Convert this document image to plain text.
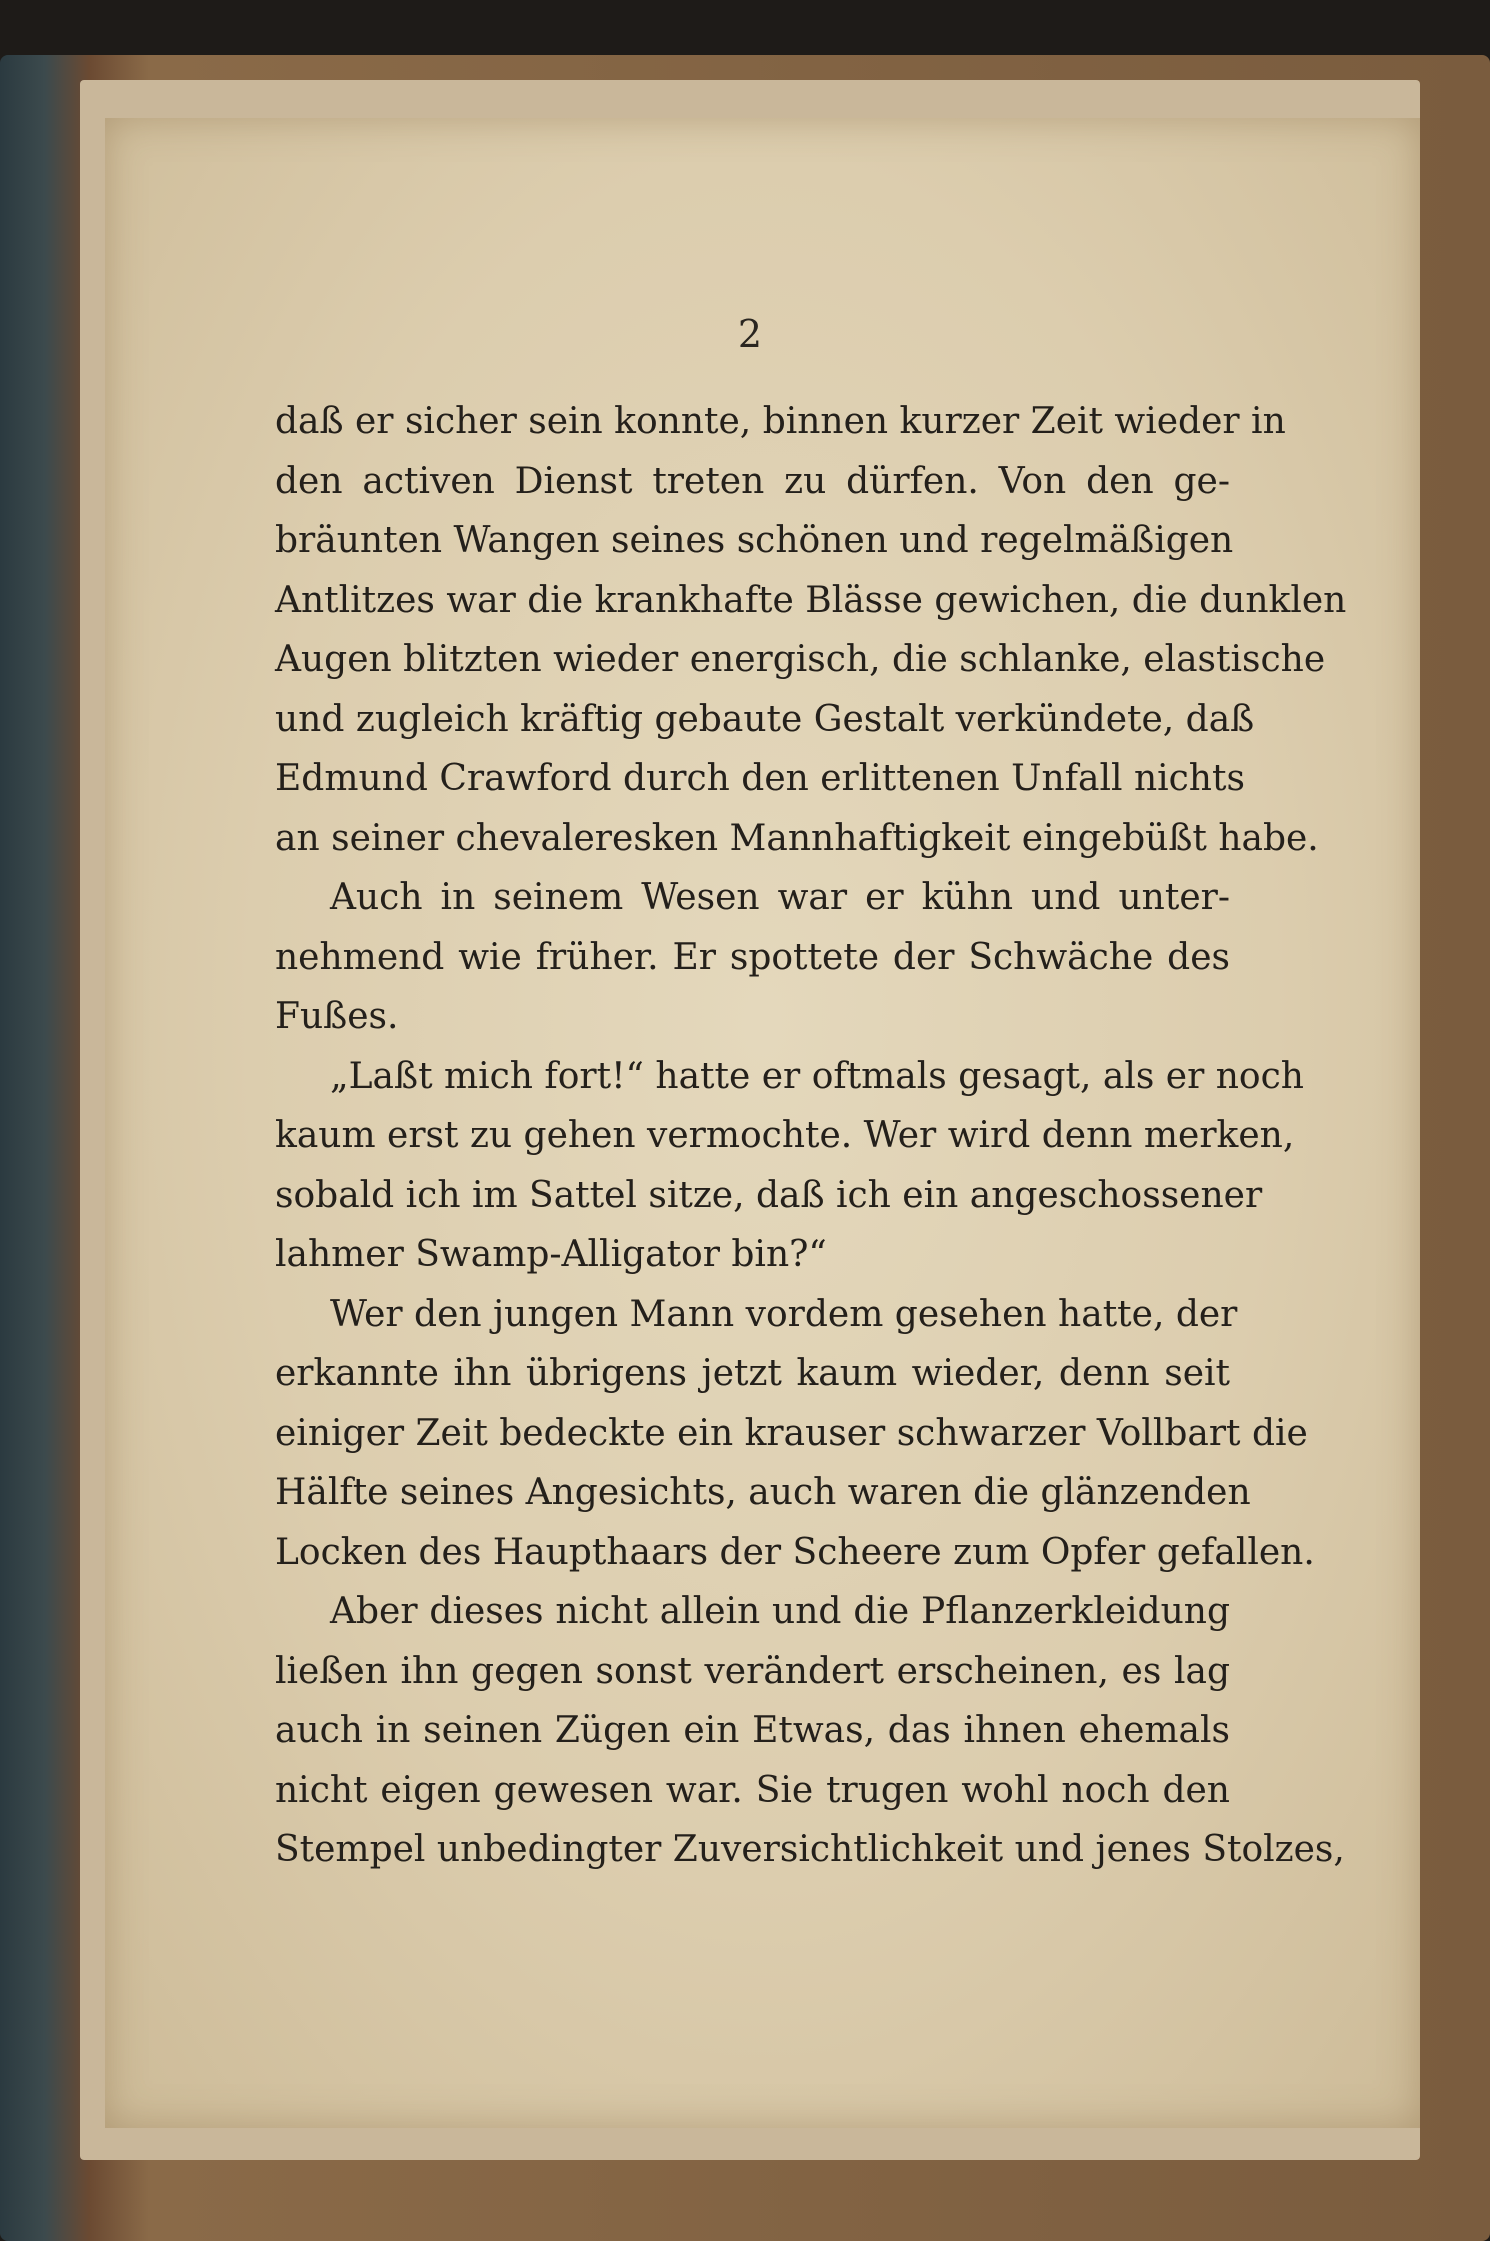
2
daß er sicher sein konnte, binnen kurzer Zeit wieder in
den activen Dienst treten zu dürfen. Von den ge-
bräunten Wangen seines schönen und regelmäßigen
Antlitzes war die krankhafte Blässe gewichen, die dunklen
Augen blitzten wieder energisch, die schlanke, elastische
und zugleich kräftig gebaute Gestalt verkündete, daß
Edmund Crawford durch den erlittenen Unfall nichts
an seiner chevaleresken Mannhaftigkeit eingebüßt habe.
Auch in seinem Wesen war er kühn und unter-
nehmend wie früher. Er spottete der Schwäche des
Fußes.
„Laßt mich fort!“ hatte er oftmals gesagt, als er noch
kaum erst zu gehen vermochte. Wer wird denn merken,
sobald ich im Sattel sitze, daß ich ein angeschossener
lahmer Swamp-Alligator bin?“
Wer den jungen Mann vordem gesehen hatte, der
erkannte ihn übrigens jetzt kaum wieder, denn seit
einiger Zeit bedeckte ein krauser schwarzer Vollbart die
Hälfte seines Angesichts, auch waren die glänzenden
Locken des Haupthaars der Scheere zum Opfer gefallen.
Aber dieses nicht allein und die Pflanzerkleidung
ließen ihn gegen sonst verändert erscheinen, es lag
auch in seinen Zügen ein Etwas, das ihnen ehemals
nicht eigen gewesen war. Sie trugen wohl noch den
Stempel unbedingter Zuversichtlichkeit und jenes Stolzes,
